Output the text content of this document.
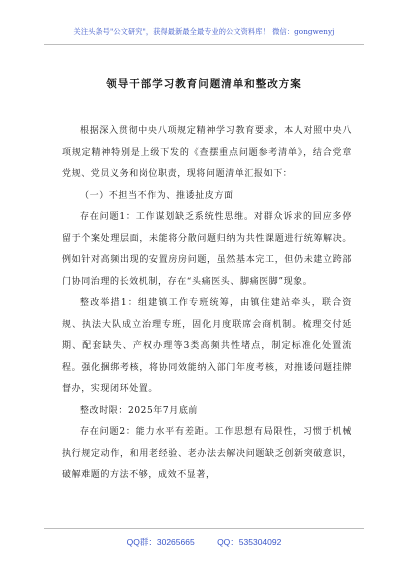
关注头条号"公文研究"，获得最新最全最专业的公文资料库！ 微信：gongwenyj
领导干部学习教育问题清单和整改方案

根据深入贯彻中央八项规定精神学习教育要求，本人对照中央八项规定精神特别是上级下发的《查摆重点问题参考清单》，结合党章党规、党员义务和岗位职责，现将问题清单汇报如下：

（一）不担当不作为、推诿扯皮方面

存在问题1：工作谋划缺乏系统性思维。对群众诉求的回应多停留于个案处理层面，未能将分散问题归纳为共性课题进行统筹解决。例如针对高频出现的安置房房问题，虽然基本完工，但仍未建立跨部门协同治理的长效机制，存在“头痛医头、脚痛医脚”现象。

整改举措1：组建镇工作专班统筹，由镇住建站牵头，联合资规、执法大队成立治理专班，固化月度联席会商机制。梳理交付延期、配套缺失、产权办理等3类高频共性堵点，制定标准化处置流程。强化捆绑考核，将协同效能纳入部门年度考核，对推诿问题挂牌督办，实现闭环处置。

整改时限：2025年7月底前

存在问题2：能力水平有差距。工作思想有局限性，习惯于机械执行规定动作，和用老经验、老办法去解决问题缺乏创新突破意识，破解难题的方法不够，成效不显著，

QQ群：30265665	QQ：535304092
